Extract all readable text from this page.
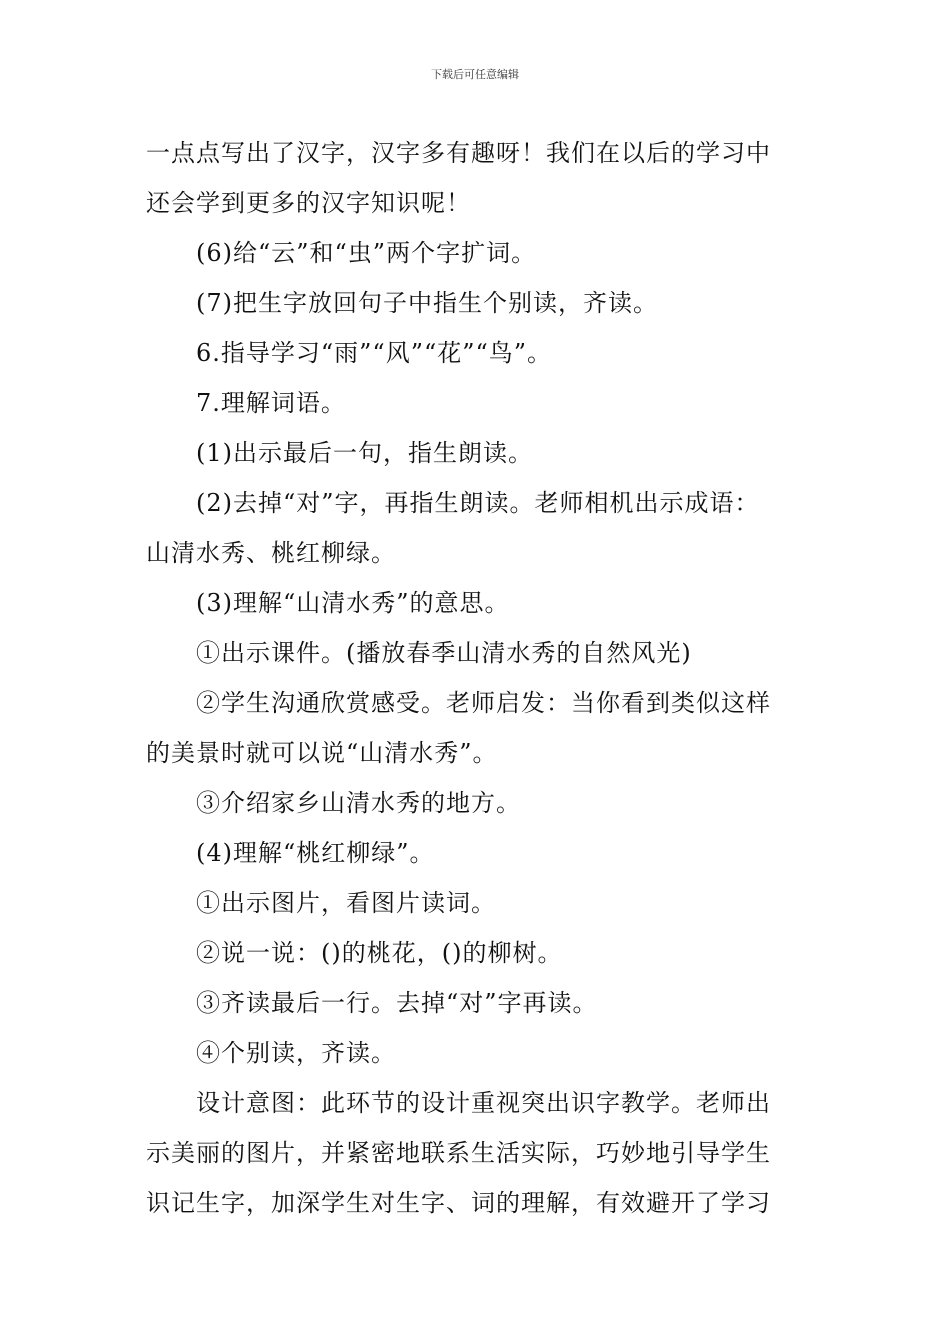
下载后可任意编辑

一点点写出了汉字，汉字多有趣呀！我们在以后的学习中

还会学到更多的汉字知识呢！

(6)给“云”和“虫”两个字扩词。

(7)把生字放回句子中指生个别读，齐读。

6.指导学习“雨”“风”“花”“鸟”。

7.理解词语。

(1)出示最后一句，指生朗读。

(2)去掉“对”字，再指生朗读。老师相机出示成语：

山清水秀、桃红柳绿。

(3)理解“山清水秀”的意思。

①出示课件。(播放春季山清水秀的自然风光)

②学生沟通欣赏感受。老师启发：当你看到类似这样

的美景时就可以说“山清水秀”。

③介绍家乡山清水秀的地方。

(4)理解“桃红柳绿”。

①出示图片，看图片读词。

②说一说：()的桃花，()的柳树。

③齐读最后一行。去掉“对”字再读。

④个别读，齐读。

设计意图：此环节的设计重视突出识字教学。老师出

示美丽的图片，并紧密地联系生活实际，巧妙地引导学生

识记生字，加深学生对生字、词的理解，有效避开了学习
